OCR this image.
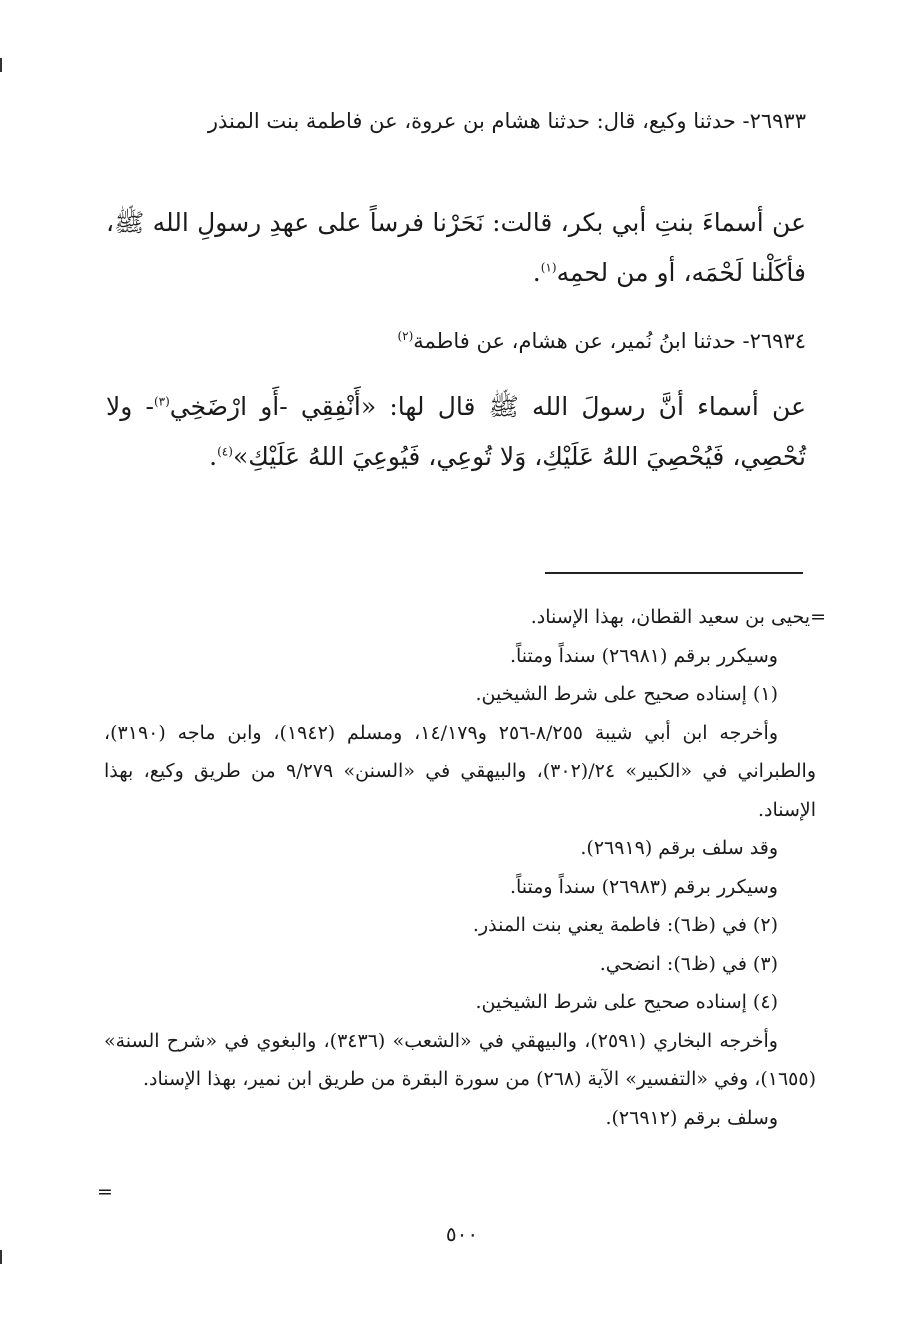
٢٦٩٣٣- حدثنا وكيع، قال: حدثنا هشام بن عروة، عن فاطمة بنت المنذر

عن أسماءَ بنتِ أبي بكر، قالت: نَحَرْنا فرساً على عهدِ رسولِ الله ﷺ، فأكَلْنا لَحْمَه، أو من لحمِه$^{(١)}$.

٢٦٩٣٤- حدثنا ابنُ نُمير، عن هشام، عن فاطمة$^{(٢)}$

عن أسماء أنَّ رسولَ الله ﷺ قال لها: «أَنْفِقِي -أَو ارْضَخِي$^{(٣)}$- ولا تُحْصِي، فَيُحْصِيَ اللهُ عَلَيْكِ، وَلا تُوعِي، فَيُوعِيَ اللهُ عَلَيْكِ»$^{(٤)}$.

=يحيى بن سعيد القطان، بهذا الإسناد.
وسيكرر برقم (٢٦٩٨١) سنداً ومتناً.
(١) إسناده صحيح على شرط الشيخين.
وأخرجه ابن أبي شيبة ٨/٢٥٥-٢٥٦ و١٤/١٧٩، ومسلم (١٩٤٢)، وابن ماجه (٣١٩٠)، والطبراني في «الكبير» ٢٤/(٣٠٢)، والبيهقي في «السنن» ٩/٢٧٩ من طريق وكيع، بهذا الإسناد.
وقد سلف برقم (٢٦٩١٩).
وسيكرر برقم (٢٦٩٨٣) سنداً ومتناً.
(٢) في (ظ٦): فاطمة يعني بنت المنذر.
(٣) في (ظ٦): انضحي.
(٤) إسناده صحيح على شرط الشيخين.
وأخرجه البخاري (٢٥٩١)، والبيهقي في «الشعب» (٣٤٣٦)، والبغوي في «شرح السنة» (١٦٥٥)، وفي «التفسير» الآية (٢٦٨) من سورة البقرة من طريق ابن نمير، بهذا الإسناد.
وسلف برقم (٢٦٩١٢).
=
٥٠٠
